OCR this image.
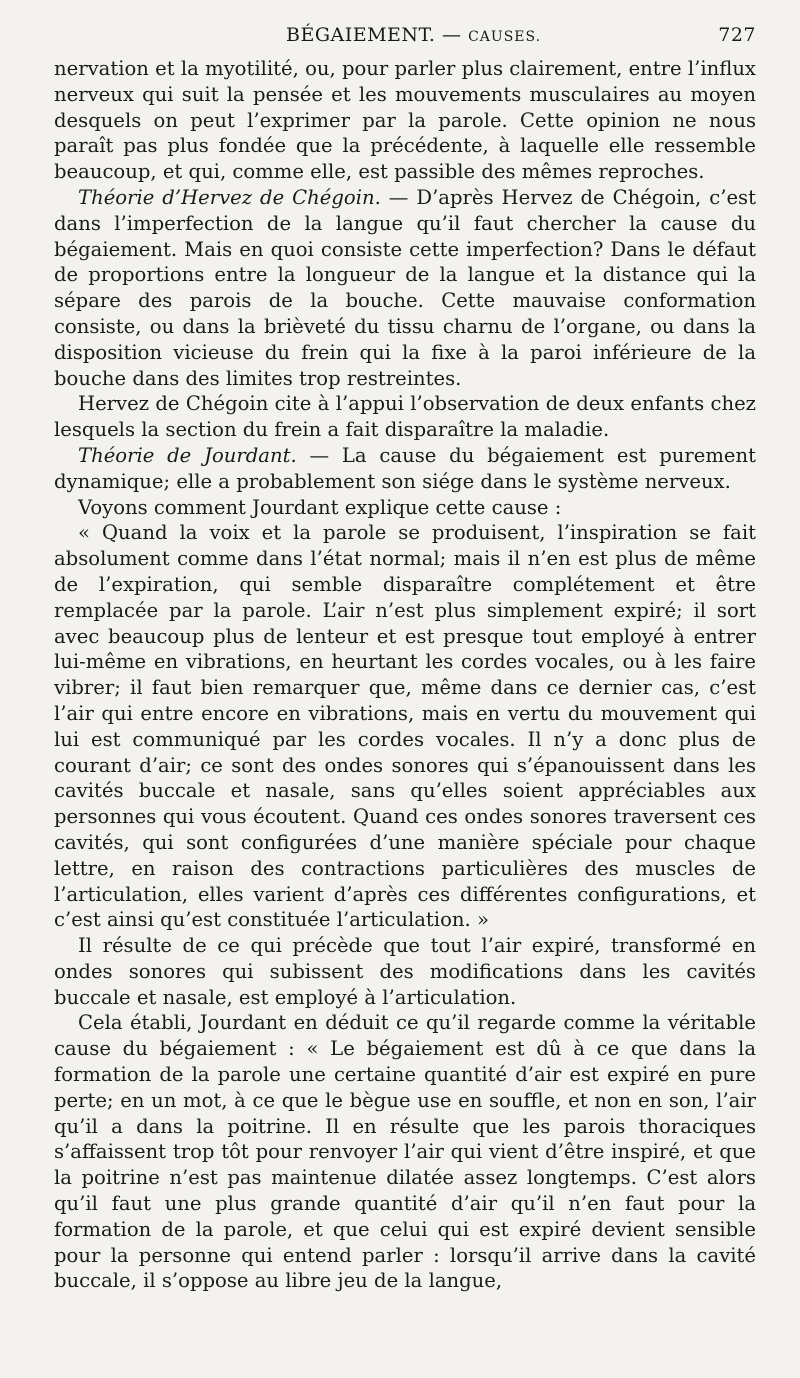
BÉGAIEMENT. — CAUSES.	727

nervation et la myotilité, ou, pour parler plus clairement, entre l’influx nerveux qui suit la pensée et les mouvements musculaires au moyen desquels on peut l’exprimer par la parole. Cette opinion ne nous paraît pas plus fondée que la précédente, à laquelle elle ressemble beaucoup, et qui, comme elle, est passible des mêmes reproches.

Théorie d’Hervez de Chégoin. — D’après Hervez de Chégoin, c’est dans l’imperfection de la langue qu’il faut chercher la cause du bégaiement. Mais en quoi consiste cette imperfection? Dans le défaut de proportions entre la longueur de la langue et la distance qui la sépare des parois de la bouche. Cette mauvaise conformation consiste, ou dans la brièveté du tissu charnu de l’organe, ou dans la disposition vicieuse du frein qui la fixe à la paroi inférieure de la bouche dans des limites trop restreintes.

Hervez de Chégoin cite à l’appui l’observation de deux enfants chez lesquels la section du frein a fait disparaître la maladie.

Théorie de Jourdant. — La cause du bégaiement est purement dynamique; elle a probablement son siége dans le système nerveux.

Voyons comment Jourdant explique cette cause :

« Quand la voix et la parole se produisent, l’inspiration se fait absolument comme dans l’état normal; mais il n’en est plus de même de l’expiration, qui semble disparaître complétement et être remplacée par la parole. L’air n’est plus simplement expiré; il sort avec beaucoup plus de lenteur et est presque tout employé à entrer lui-même en vibrations, en heurtant les cordes vocales, ou à les faire vibrer; il faut bien remarquer que, même dans ce dernier cas, c’est l’air qui entre encore en vibrations, mais en vertu du mouvement qui lui est communiqué par les cordes vocales. Il n’y a donc plus de courant d’air; ce sont des ondes sonores qui s’épanouissent dans les cavités buccale et nasale, sans qu’elles soient appréciables aux personnes qui vous écoutent. Quand ces ondes sonores traversent ces cavités, qui sont configurées d’une manière spéciale pour chaque lettre, en raison des contractions particulières des muscles de l’articulation, elles varient d’après ces différentes configurations, et c’est ainsi qu’est constituée l’articulation. »

Il résulte de ce qui précède que tout l’air expiré, transformé en ondes sonores qui subissent des modifications dans les cavités buccale et nasale, est employé à l’articulation.

Cela établi, Jourdant en déduit ce qu’il regarde comme la véritable cause du bégaiement : « Le bégaiement est dû à ce que dans la formation de la parole une certaine quantité d’air est expiré en pure perte; en un mot, à ce que le bègue use en souffle, et non en son, l’air qu’il a dans la poitrine. Il en résulte que les parois thoraciques s’affaissent trop tôt pour renvoyer l’air qui vient d’être inspiré, et que la poitrine n’est pas maintenue dilatée assez longtemps. C’est alors qu’il faut une plus grande quantité d’air qu’il n’en faut pour la formation de la parole, et que celui qui est expiré devient sensible pour la personne qui entend parler : lorsqu’il arrive dans la cavité buccale, il s’oppose au libre jeu de la langue,
